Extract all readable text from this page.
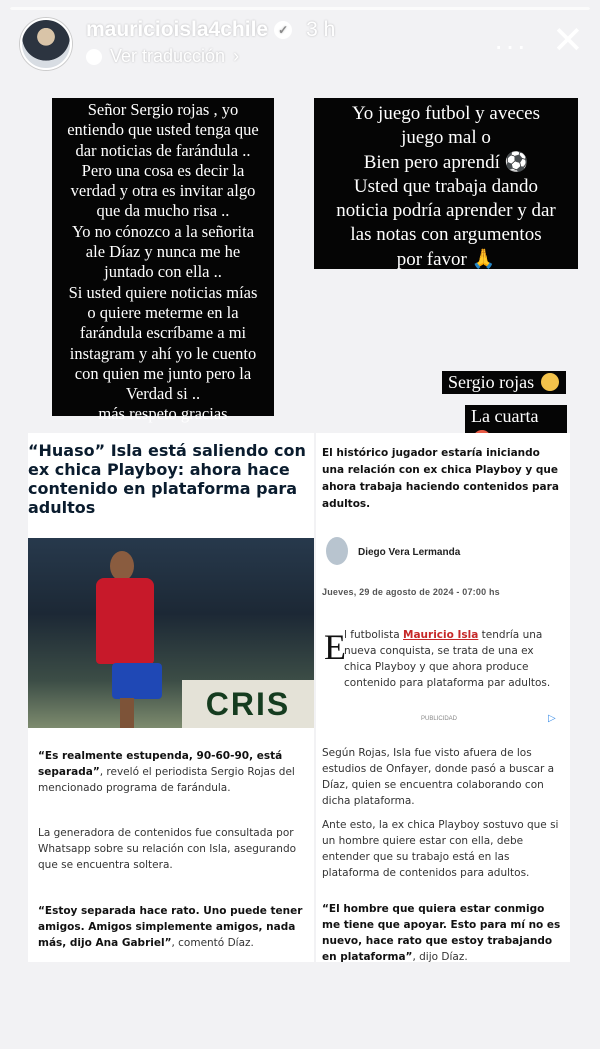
mauricioisla4chile ✓ 3 h
Ver traducción ›	··· ✕
Señor Sergio rojas , yo
entiendo que usted tenga que
dar noticias de farándula ..
Pero una cosa es decir la
verdad y otra es invitar algo
que da mucho risa ..
Yo no cónozco a la señorita
ale Díaz y nunca me he
juntado con ella ..
Si usted quiere noticias mías
o quiere meterme en la
farándula escríbame a mi
instagram y ahí yo le cuento
con quien me junto pero la
Verdad si ..
más respeto gracias
Yo juego futbol y aveces
juego mal o
Bien pero aprendí ⚽
Usted que trabaja dando
noticia podría aprender y dar
las notas con argumentos
por favor 🙏
Sergio rojas
La cuarta
“Huaso” Isla está saliendo con ex chica Playboy: ahora hace contenido en plataforma para adultos
CRIS
“Es realmente estupenda, 90-60-90, está separada”, reveló el periodista Sergio Rojas del mencionado programa de farándula.
La generadora de contenidos fue consultada por Whatsapp sobre su relación con Isla, asegurando que se encuentra soltera.
“Estoy separada hace rato. Uno puede tener amigos. Amigos simplemente amigos, nada más, dijo Ana Gabriel”, comentó Díaz.
El histórico jugador estaría iniciando una relación con ex chica Playboy y que ahora trabaja haciendo contenidos para adultos.
Diego Vera Lermanda
Jueves, 29 de agosto de 2024 - 07:00 hs
E
l futbolista Mauricio Isla tendría una nueva conquista, se trata de una ex chica Playboy y que ahora produce contenido para plataforma par adultos.
PUBLICIDAD	▷
Según Rojas, Isla fue visto afuera de los estudios de Onfayer, donde pasó a buscar a Díaz, quien se encuentra colaborando con dicha plataforma.
Ante esto, la ex chica Playboy sostuvo que si un hombre quiere estar con ella, debe entender que su trabajo está en las plataforma de contenidos para adultos.
“El hombre que quiera estar conmigo me tiene que apoyar. Esto para mí no es nuevo, hace rato que estoy trabajando en plataforma”, dijo Díaz.
